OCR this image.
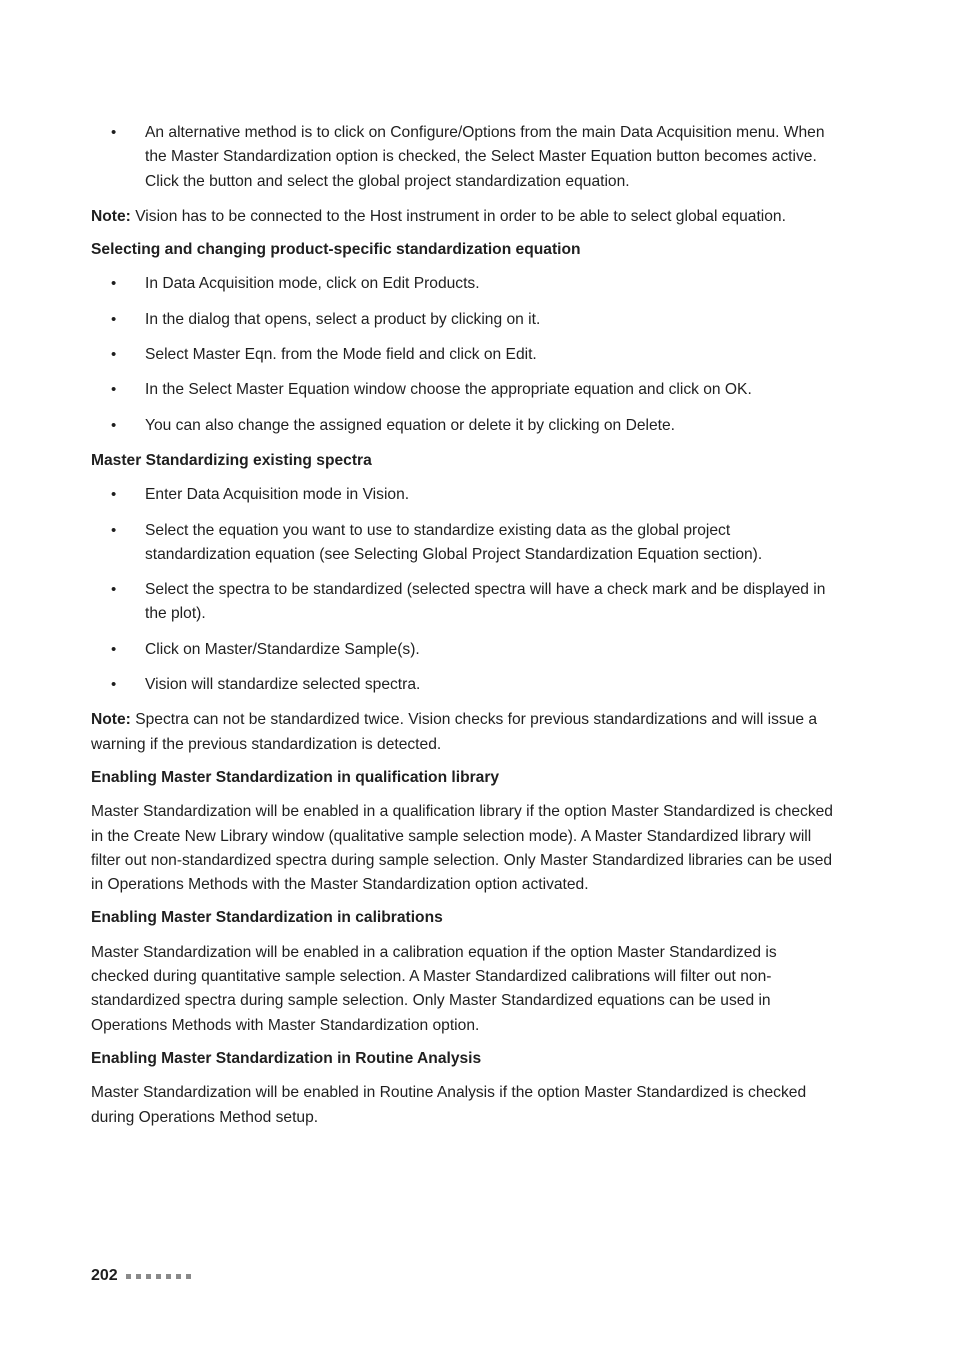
• An alternative method is to click on Configure/Options from the main Data Acquisition menu. When the Master Standardization option is checked, the Select Master Equation button becomes active. Click the button and select the global project standardization equation.

Note: Vision has to be connected to the Host instrument in order to be able to select global equation.

Selecting and changing product-specific standardization equation

• In Data Acquisition mode, click on Edit Products.
• In the dialog that opens, select a product by clicking on it.
• Select Master Eqn. from the Mode field and click on Edit.
• In the Select Master Equation window choose the appropriate equation and click on OK.
• You can also change the assigned equation or delete it by clicking on Delete.

Master Standardizing existing spectra

• Enter Data Acquisition mode in Vision.
• Select the equation you want to use to standardize existing data as the global project standardization equation (see Selecting Global Project Standardization Equation section).
• Select the spectra to be standardized (selected spectra will have a check mark and be displayed in the plot).
• Click on Master/Standardize Sample(s).
• Vision will standardize selected spectra.

Note: Spectra can not be standardized twice. Vision checks for previous standardizations and will issue a warning if the previous standardization is detected.

Enabling Master Standardization in qualification library

Master Standardization will be enabled in a qualification library if the option Master Standardized is checked in the Create New Library window (qualitative sample selection mode). A Master Standardized library will filter out non-standardized spectra during sample selection. Only Master Standardized libraries can be used in Operations Methods with the Master Standardization option activated.

Enabling Master Standardization in calibrations

Master Standardization will be enabled in a calibration equation if the option Master Standardized is checked during quantitative sample selection. A Master Standardized calibrations will filter out non-standardized spectra during sample selection. Only Master Standardized equations can be used in Operations Methods with Master Standardization option.

Enabling Master Standardization in Routine Analysis

Master Standardization will be enabled in Routine Analysis if the option Master Standardized is checked during Operations Method setup.

202
